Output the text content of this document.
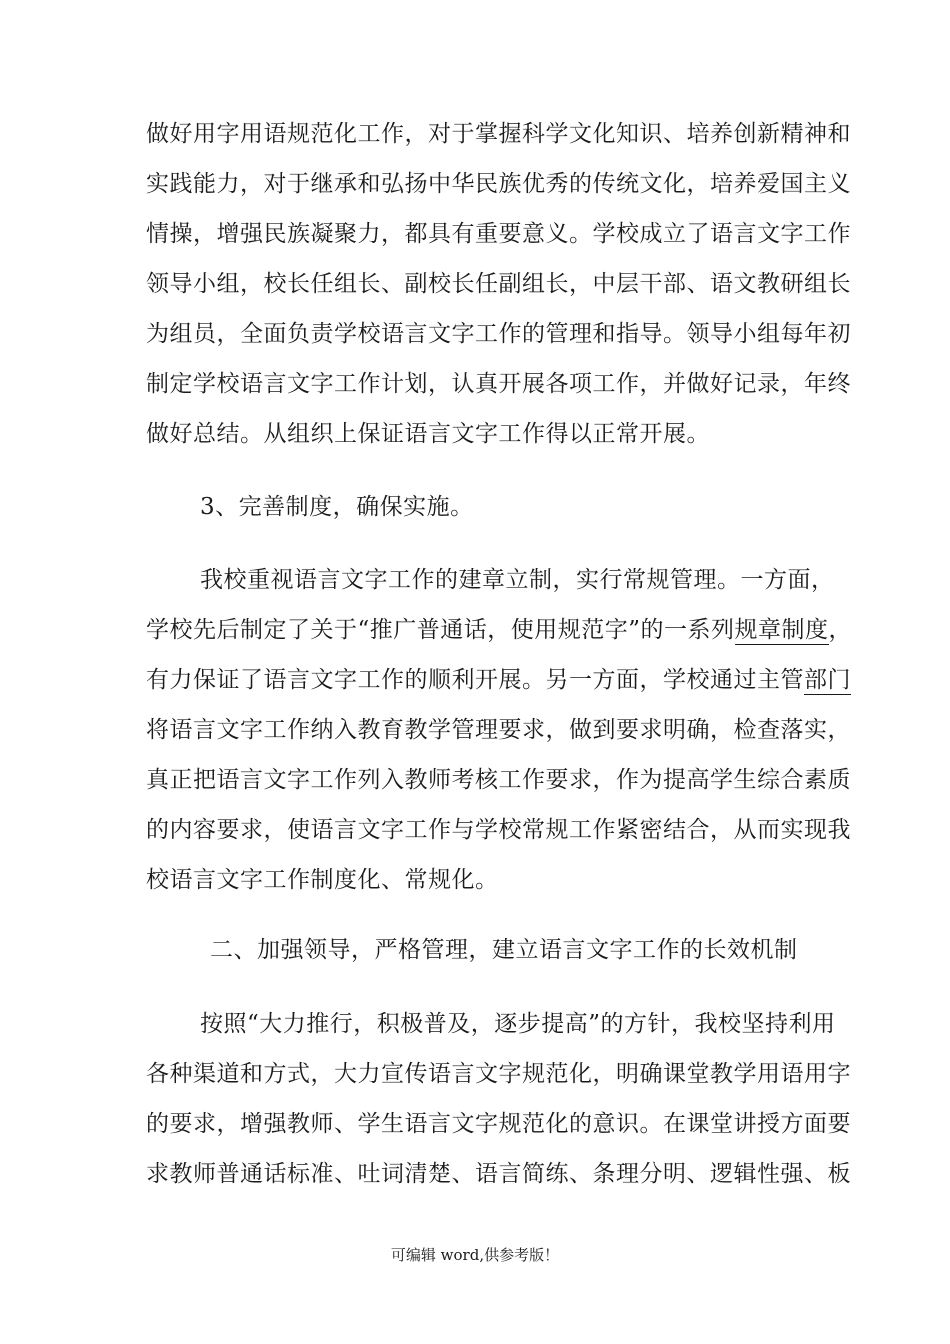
做好用字用语规范化工作，对于掌握科学文化知识、培养创新精神和
实践能力，对于继承和弘扬中华民族优秀的传统文化，培养爱国主义
情操，增强民族凝聚力，都具有重要意义。学校成立了语言文字工作
领导小组，校长任组长、副校长任副组长，中层干部、语文教研组长
为组员，全面负责学校语言文字工作的管理和指导。领导小组每年初
制定学校语言文字工作计划，认真开展各项工作，并做好记录，年终
做好总结。从组织上保证语言文字工作得以正常开展。
3、完善制度，确保实施。
我校重视语言文字工作的建章立制，实行常规管理。一方面，
学校先后制定了关于“推广普通话，使用规范字”的一系列规章制度，
有力保证了语言文字工作的顺利开展。另一方面，学校通过主管部门
将语言文字工作纳入教育教学管理要求，做到要求明确，检查落实，
真正把语言文字工作列入教师考核工作要求，作为提高学生综合素质
的内容要求，使语言文字工作与学校常规工作紧密结合，从而实现我
校语言文字工作制度化、常规化。
二、加强领导，严格管理，建立语言文字工作的长效机制
按照“大力推行，积极普及，逐步提高”的方针，我校坚持利用
各种渠道和方式，大力宣传语言文字规范化，明确课堂教学用语用字
的要求，增强教师、学生语言文字规范化的意识。在课堂讲授方面要
求教师普通话标准、吐词清楚、语言简练、条理分明、逻辑性强、板
可编辑 word,供参考版！
